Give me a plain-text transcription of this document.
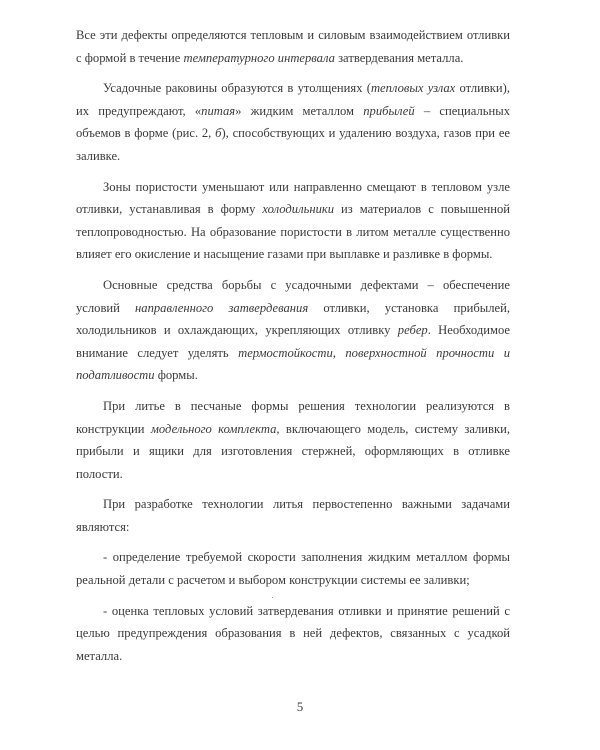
Все эти дефекты определяются тепловым и силовым взаимодействием отливки с формой в течение температурного интервала затвердевания металла.

Усадочные раковины образуются в утолщениях (тепловых узлах отливки), их предупреждают, «питая» жидким металлом прибылей – специальных объемов в форме (рис. 2, б), способствующих и удалению воздуха, газов при ее заливке.

Зоны пористости уменьшают или направленно смещают в тепловом узле отливки, устанавливая в форму холодильники из материалов с повышенной теплопроводностью. На образование пористости в литом металле существенно влияет его окисление и насыщение газами при выплавке и разливке в формы.

Основные средства борьбы с усадочными дефектами – обеспечение условий направленного затвердевания отливки, установка прибылей, холодильников и охлаждающих, укрепляющих отливку ребер. Необходимое внимание следует уделять термостойкости, поверхностной прочности и податливости формы.

При литье в песчаные формы решения технологии реализуются в конструкции модельного комплекта, включающего модель, систему заливки, прибыли и ящики для изготовления стержней, оформляющих в отливке полости.

При разработке технологии литья первостепенно важными задачами являются:

- определение требуемой скорости заполнения жидким металлом формы реальной детали с расчетом и выбором конструкции системы ее заливки;

- оценка тепловых условий затвердевания отливки и принятие решений с целью предупреждения образования в ней дефектов, связанных с усадкой металла.

5
